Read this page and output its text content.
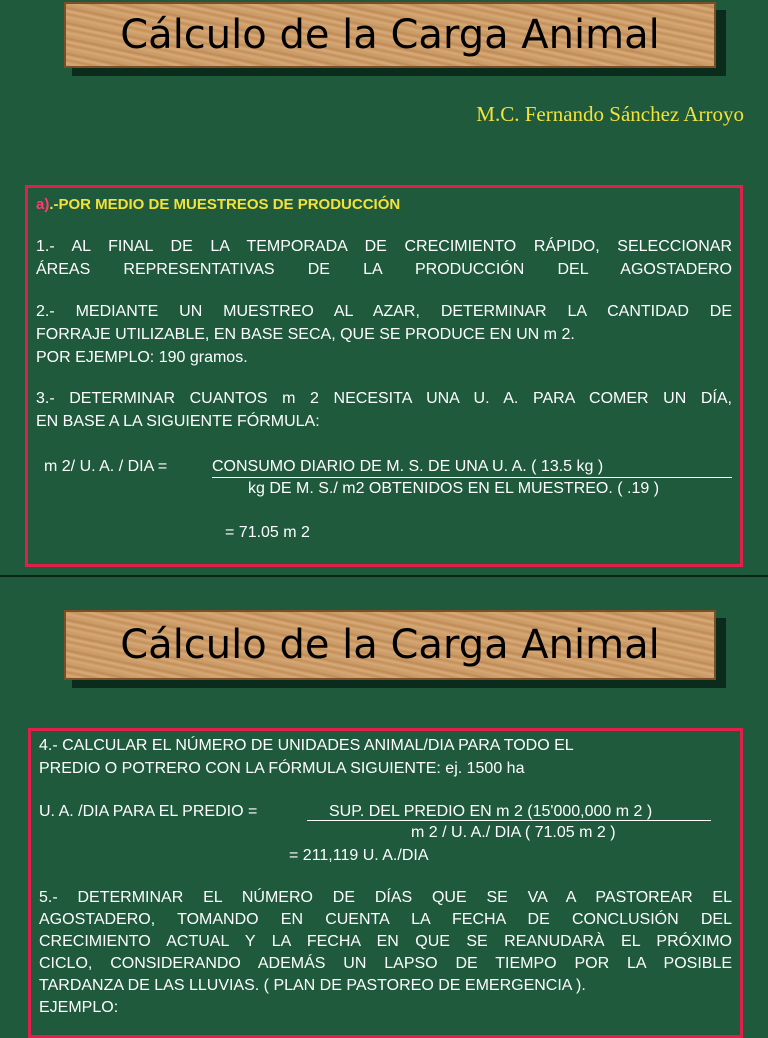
Cálculo de la Carga Animal
M.C. Fernando Sánchez Arroyo
a).-POR MEDIO DE MUESTREOS DE PRODUCCIÓN
1.- AL FINAL DE LA TEMPORADA DE CRECIMIENTO RÁPIDO, SELECCIONAR
ÁREAS REPRESENTATIVAS DE LA PRODUCCIÓN DEL AGOSTADERO
2.- MEDIANTE UN MUESTREO AL AZAR, DETERMINAR LA CANTIDAD DE
FORRAJE UTILIZABLE, EN BASE SECA, QUE SE PRODUCE EN UN m 2.
POR EJEMPLO: 190 gramos.
3.- DETERMINAR CUANTOS m 2 NECESITA UNA U. A. PARA COMER UN DÍA,
EN BASE A LA SIGUIENTE FÓRMULA:
m 2/ U. A. / DIA =	CONSUMO DIARIO DE M. S. DE UNA U. A. ( 13.5 kg )
kg DE M. S./ m2 OBTENIDOS EN EL MUESTREO. ( .19 )
= 71.05 m 2
Cálculo de la Carga Animal
4.- CALCULAR EL NÚMERO DE UNIDADES ANIMAL/DIA PARA TODO EL
PREDIO O POTRERO CON LA FÓRMULA SIGUIENTE: ej. 1500 ha
U. A. /DIA PARA EL PREDIO =	SUP. DEL PREDIO EN m 2 (15'000,000 m 2 )
m 2 / U. A./ DIA ( 71.05 m 2 )
= 211,119 U. A./DIA
5.- DETERMINAR EL NÚMERO DE DÍAS QUE SE VA A PASTOREAR EL
AGOSTADERO, TOMANDO EN CUENTA LA FECHA DE CONCLUSIÓN DEL
CRECIMIENTO ACTUAL Y LA FECHA EN QUE SE REANUDARÀ EL PRÓXIMO
CICLO, CONSIDERANDO ADEMÁS UN LAPSO DE TIEMPO POR LA POSIBLE
TARDANZA DE LAS LLUVIAS. ( PLAN DE PASTOREO DE EMERGENCIA ).
EJEMPLO:
